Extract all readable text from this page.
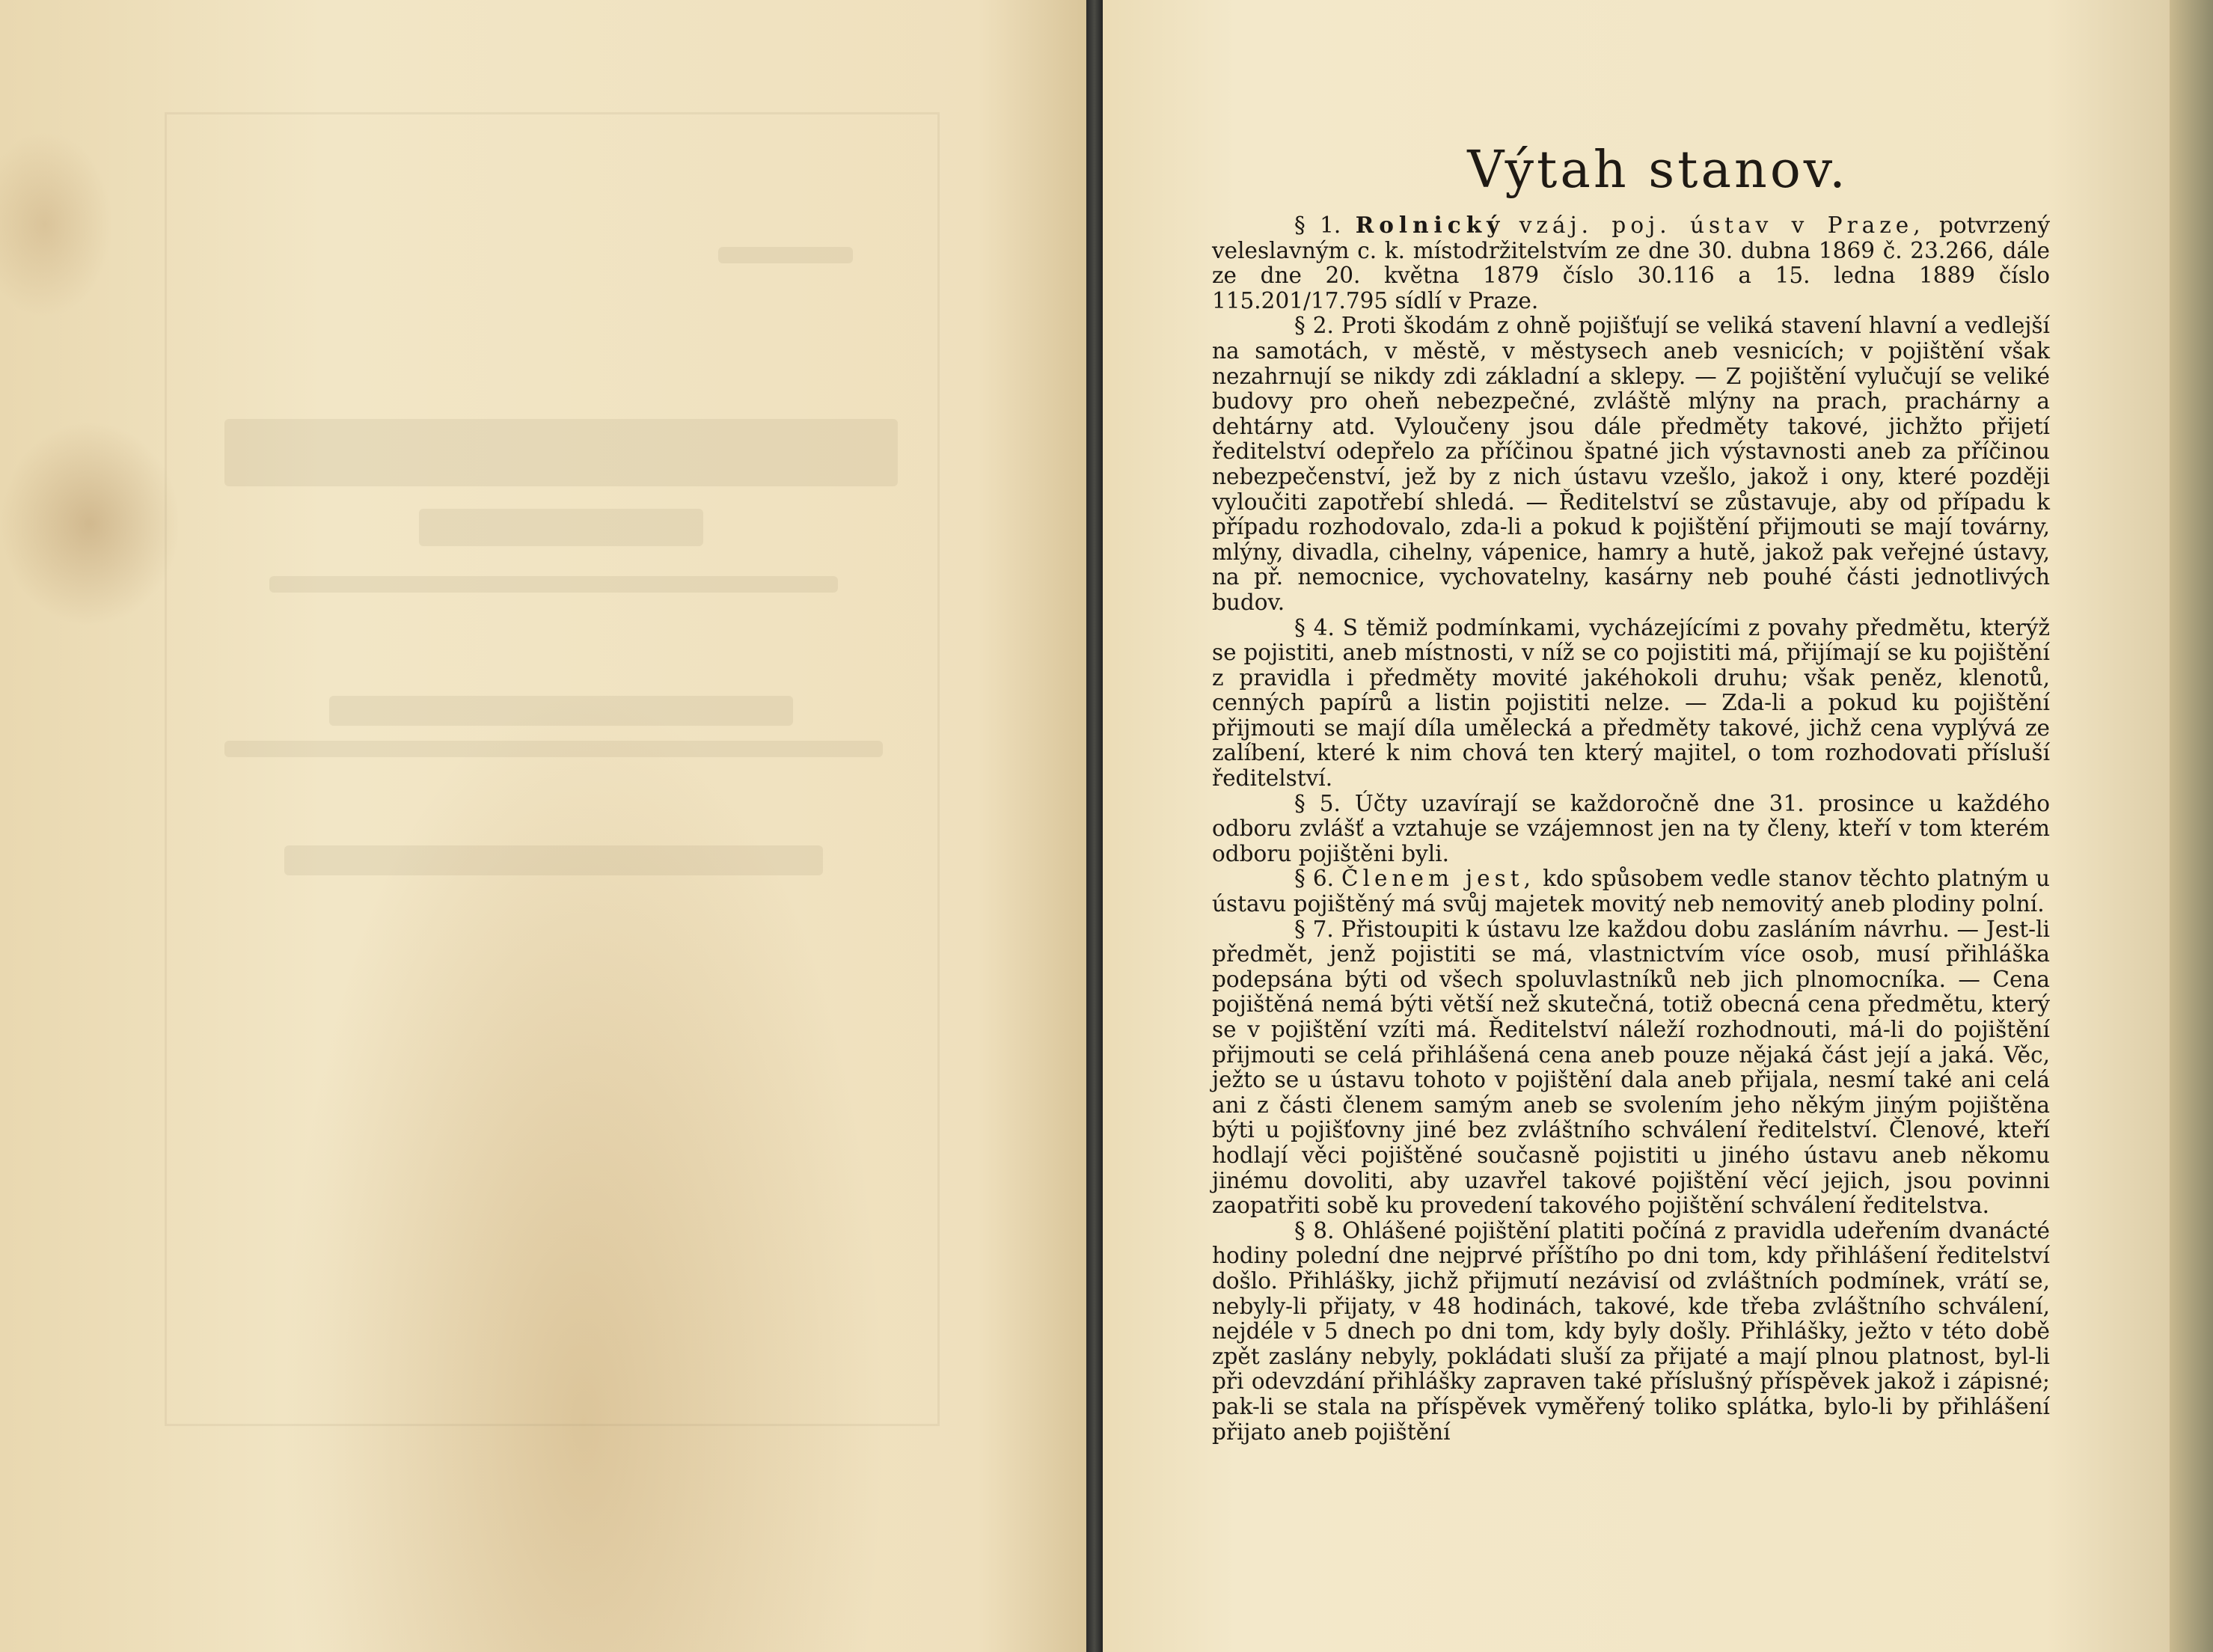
Výtah stanov.

§ 1. Rolnický vzáj. poj. ústav v Praze, potvrzený veleslavným c. k. místodržitelstvím ze dne 30. dubna 1869 č. 23.266, dále ze dne 20. května 1879 číslo 30.116 a 15. ledna 1889 číslo 115.201/17.795 sídlí v Praze.

§ 2. Proti škodám z ohně pojišťují se veliká stavení hlavní a vedlejší na samotách, v městě, v městysech aneb vesnicích; v pojištění však nezahrnují se nikdy zdi základní a sklepy. — Z pojištění vylučují se veliké budovy pro oheň nebezpečné, zvláště mlýny na prach, prachárny a dehtárny atd. Vyloučeny jsou dále předměty takové, jichžto přijetí ředitelství odepřelo za příčinou špatné jich výstavnosti aneb za příčinou nebezpečenství, jež by z nich ústavu vzešlo, jakož i ony, které později vyloučiti zapotřebí shledá. — Ředitelství se zůstavuje, aby od případu k případu rozhodovalo, zda-li a pokud k pojištění přijmouti se mají továrny, mlýny, divadla, cihelny, vápenice, hamry a hutě, jakož pak veřejné ústavy, na př. nemocnice, vychovatelny, kasárny neb pouhé části jednotlivých budov.

§ 4. S těmiž podmínkami, vycházejícími z povahy předmětu, kterýž se pojistiti, aneb místnosti, v níž se co pojistiti má, přijímají se ku pojištění z pravidla i předměty movité jakéhokoli druhu; však peněz, klenotů, cenných papírů a listin pojistiti nelze. — Zda-li a pokud ku pojištění přijmouti se mají díla umělecká a předměty takové, jichž cena vyplývá ze zalíbení, které k nim chová ten který majitel, o tom rozhodovati přísluší ředitelství.

§ 5. Účty uzavírají se každoročně dne 31. prosince u každého odboru zvlášť a vztahuje se vzájemnost jen na ty členy, kteří v tom kterém odboru pojištěni byli.

§ 6. Členem jest, kdo spůsobem vedle stanov těchto platným u ústavu pojištěný má svůj majetek movitý neb nemovitý aneb plodiny polní.

§ 7. Přistoupiti k ústavu lze každou dobu zasláním návrhu. — Jest-li předmět, jenž pojistiti se má, vlastnictvím více osob, musí přihláška podepsána býti od všech spoluvlastníků neb jich plnomocníka. — Cena pojištěná nemá býti větší než skutečná, totiž obecná cena předmětu, který se v pojištění vzíti má. Ředitelství náleží rozhodnouti, má-li do pojištění přijmouti se celá přihlášená cena aneb pouze nějaká část její a jaká. Věc, ježto se u ústavu tohoto v pojištění dala aneb přijala, nesmí také ani celá ani z části členem samým aneb se svolením jeho někým jiným pojištěna býti u pojišťovny jiné bez zvláštního schválení ředitelství. Členové, kteří hodlají věci pojištěné současně pojistiti u jiného ústavu aneb někomu jinému dovoliti, aby uzavřel takové pojištění věcí jejich, jsou povinni zaopatřiti sobě ku provedení takového pojištění schválení ředitelstva.

§ 8. Ohlášené pojištění platiti počíná z pravidla udeřením dvanácté hodiny polední dne nejprvé příštího po dni tom, kdy přihlášení ředitelství došlo. Přihlášky, jichž přijmutí nezávisí od zvláštních podmínek, vrátí se, nebyly-li přijaty, v 48 hodinách, takové, kde třeba zvláštního schválení, nejdéle v 5 dnech po dni tom, kdy byly došly. Přihlášky, ježto v této době zpět zaslány nebyly, pokládati sluší za přijaté a mají plnou platnost, byl-li při odevzdání přihlášky zapraven také příslušný příspěvek jakož i zápisné; pak-li se stala na příspěvek vyměřený toliko splátka, bylo-li by přihlášení přijato aneb pojištění
